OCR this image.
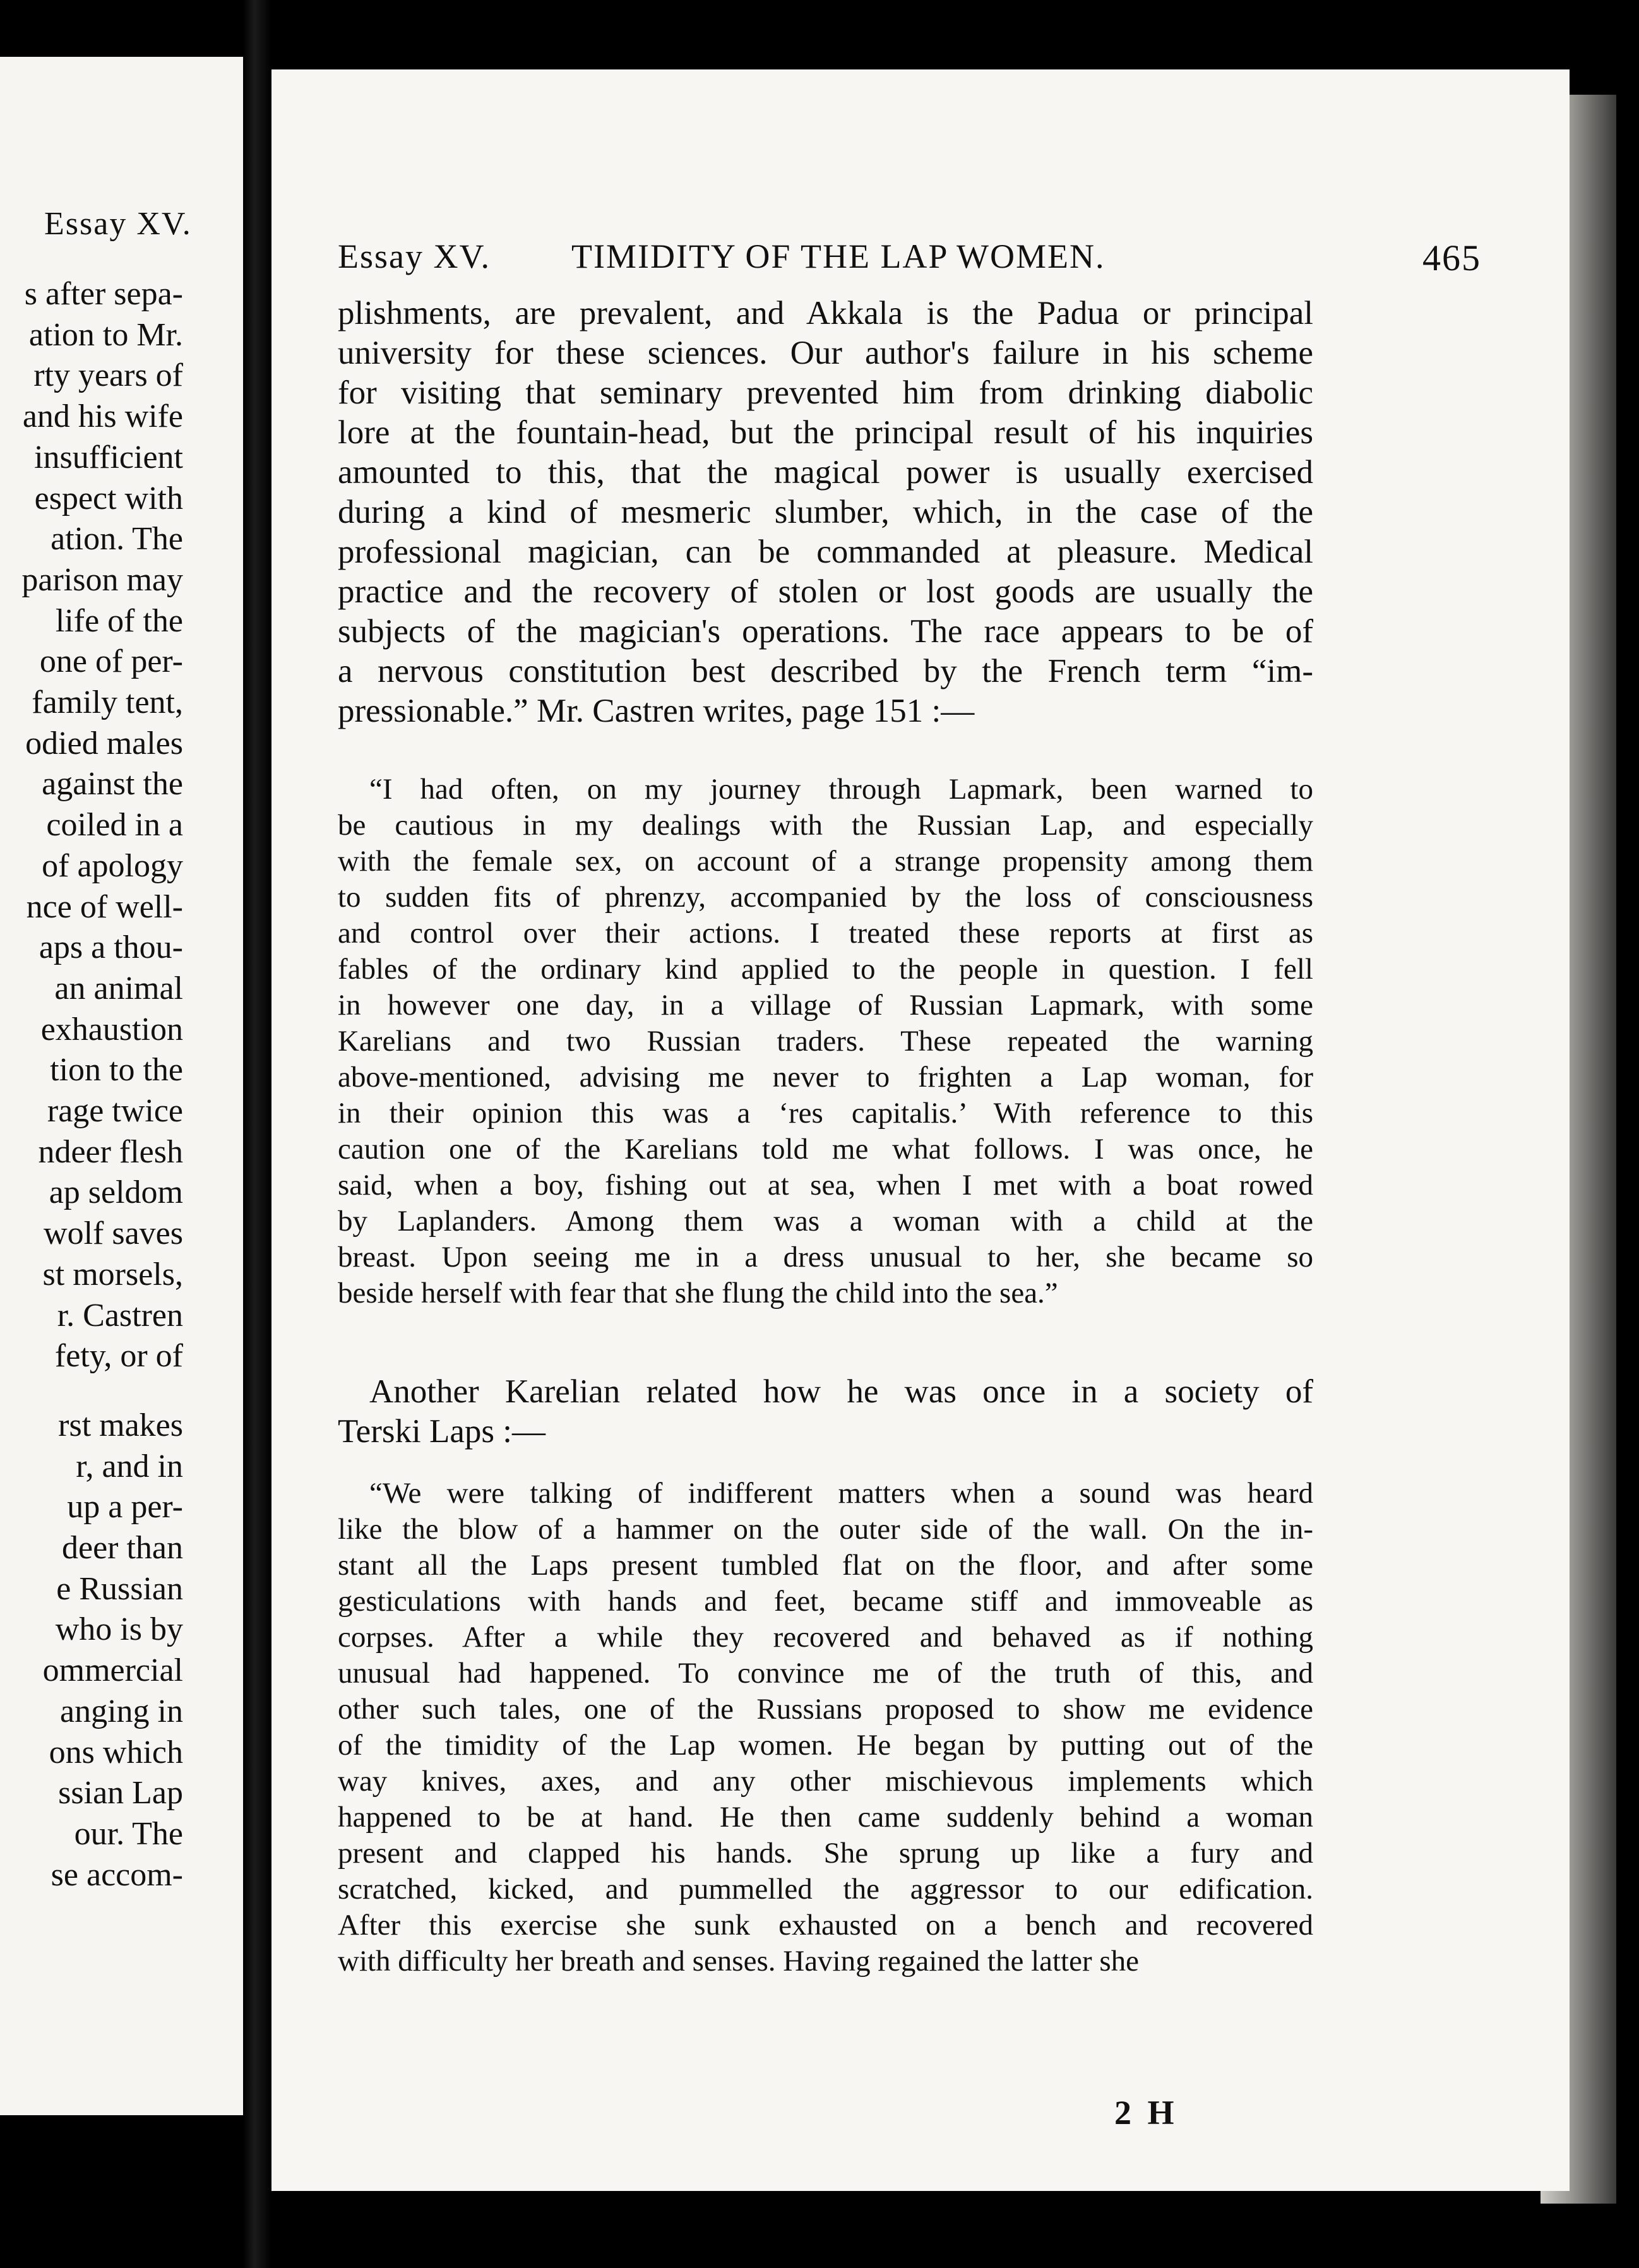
Essay XV.
s after sepa-
ation to Mr.
rty years of
and his wife
insufficient
espect with
ation. The
parison may
life of the
one of per-
family tent,
odied males
against the
coiled in a
of apology
nce of well-
aps a thou-
an animal
exhaustion
tion to the
rage twice
ndeer flesh
ap seldom
wolf saves
st morsels,
r. Castren
fety, or of
rst makes
r, and in
up a per-
deer than
e Russian
who is by
ommercial
anging in
ons which
ssian Lap
our. The
se accom-
Essay XV. TIMIDITY OF THE LAP WOMEN.	465
plishments, are prevalent, and Akkala is the Padua or principal
university for these sciences. Our author's failure in his scheme
for visiting that seminary prevented him from drinking diabolic
lore at the fountain-head, but the principal result of his inquiries
amounted to this, that the magical power is usually exercised
during a kind of mesmeric slumber, which, in the case of the
professional magician, can be commanded at pleasure. Medical
practice and the recovery of stolen or lost goods are usually the
subjects of the magician's operations. The race appears to be of
a nervous constitution best described by the French term “im-
pressionable.” Mr. Castren writes, page 151 :—
“I had often, on my journey through Lapmark, been warned to
be cautious in my dealings with the Russian Lap, and especially
with the female sex, on account of a strange propensity among them
to sudden fits of phrenzy, accompanied by the loss of consciousness
and control over their actions. I treated these reports at first as
fables of the ordinary kind applied to the people in question. I fell
in however one day, in a village of Russian Lapmark, with some
Karelians and two Russian traders. These repeated the warning
above-mentioned, advising me never to frighten a Lap woman, for
in their opinion this was a ‘res capitalis.’ With reference to this
caution one of the Karelians told me what follows. I was once, he
said, when a boy, fishing out at sea, when I met with a boat rowed
by Laplanders. Among them was a woman with a child at the
breast. Upon seeing me in a dress unusual to her, she became so
beside herself with fear that she flung the child into the sea.”
Another Karelian related how he was once in a society of
Terski Laps :—
“We were talking of indifferent matters when a sound was heard
like the blow of a hammer on the outer side of the wall. On the in-
stant all the Laps present tumbled flat on the floor, and after some
gesticulations with hands and feet, became stiff and immoveable as
corpses. After a while they recovered and behaved as if nothing
unusual had happened. To convince me of the truth of this, and
other such tales, one of the Russians proposed to show me evidence
of the timidity of the Lap women. He began by putting out of the
way knives, axes, and any other mischievous implements which
happened to be at hand. He then came suddenly behind a woman
present and clapped his hands. She sprung up like a fury and
scratched, kicked, and pummelled the aggressor to our edification.
After this exercise she sunk exhausted on a bench and recovered
with difficulty her breath and senses. Having regained the latter she
2 H
